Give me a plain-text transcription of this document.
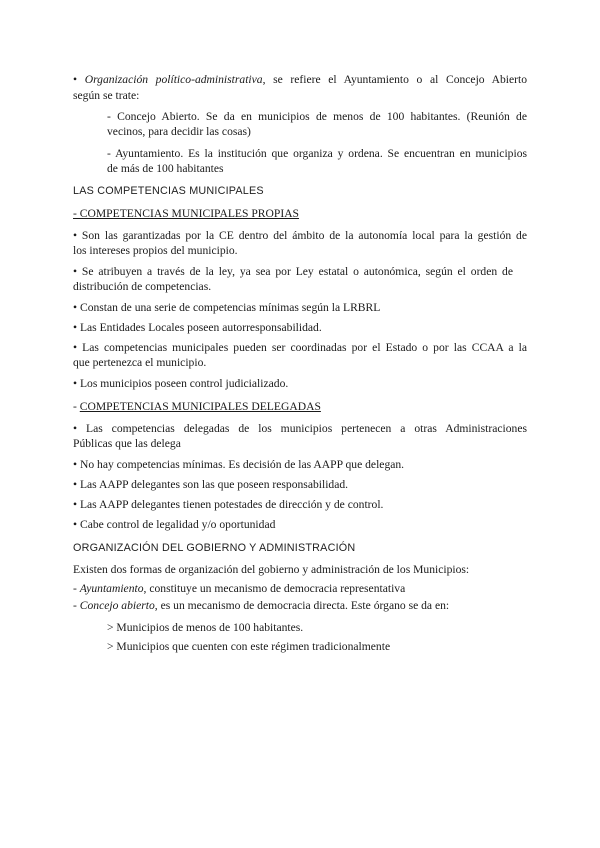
• Organización político-administrativa, se refiere el Ayuntamiento o al Concejo Abierto
según se trate:
- Concejo Abierto. Se da en municipios de menos de 100 habitantes. (Reunión de
vecinos, para decidir las cosas)
- Ayuntamiento. Es la institución que organiza y ordena. Se encuentran en municipios
de más de 100 habitantes
LAS COMPETENCIAS MUNICIPALES
- COMPETENCIAS MUNICIPALES PROPIAS
• Son las garantizadas por la CE dentro del ámbito de la autonomía local para la gestión de
los intereses propios del municipio.
• Se atribuyen a través de la ley, ya sea por Ley estatal o autonómica, según el orden de
distribución de competencias.
• Constan de una serie de competencias mínimas según la LRBRL
• Las Entidades Locales poseen autorresponsabilidad.
• Las competencias municipales pueden ser coordinadas por el Estado o por las CCAA a la
que pertenezca el municipio.
• Los municipios poseen control judicializado.
- COMPETENCIAS MUNICIPALES DELEGADAS
• Las competencias delegadas de los municipios pertenecen a otras Administraciones
Públicas que las delega
• No hay competencias mínimas. Es decisión de las AAPP que delegan.
• Las AAPP delegantes son las que poseen responsabilidad.
• Las AAPP delegantes tienen potestades de dirección y de control.
• Cabe control de legalidad y/o oportunidad
ORGANIZACIÓN DEL GOBIERNO Y ADMINISTRACIÓN
Existen dos formas de organización del gobierno y administración de los Municipios:
- Ayuntamiento, constituye un mecanismo de democracia representativa
- Concejo abierto, es un mecanismo de democracia directa. Este órgano se da en:
> Municipios de menos de 100 habitantes.
> Municipios que cuenten con este régimen tradicionalmente
